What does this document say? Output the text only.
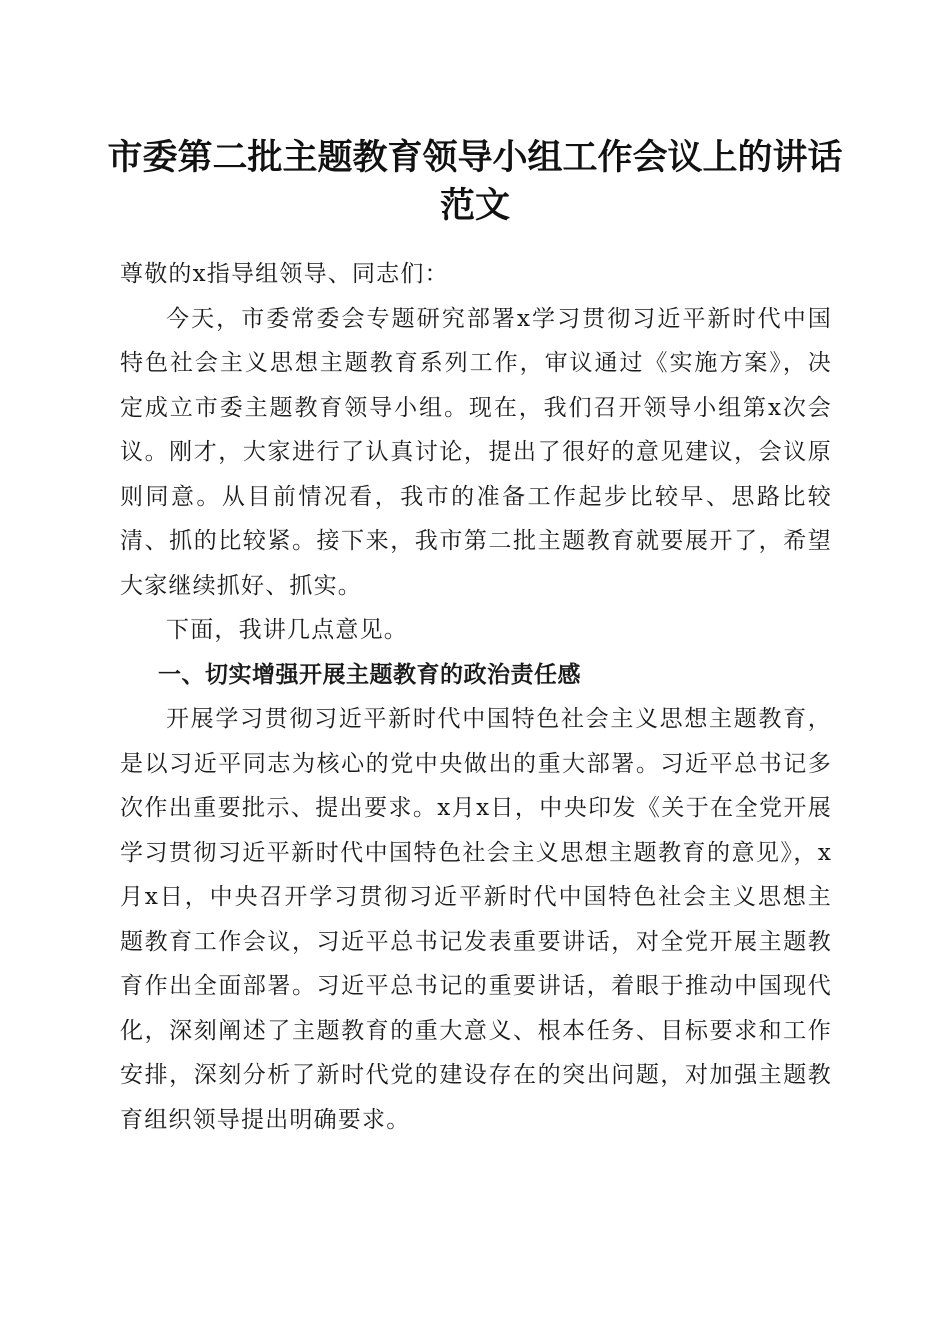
市委第二批主题教育领导小组工作会议上的讲话范文

尊敬的x指导组领导、同志们：

今天，市委常委会专题研究部署x学习贯彻习近平新时代中国特色社会主义思想主题教育系列工作，审议通过《实施方案》，决定成立市委主题教育领导小组。现在，我们召开领导小组第x次会议。刚才，大家进行了认真讨论，提出了很好的意见建议，会议原则同意。从目前情况看，我市的准备工作起步比较早、思路比较清、抓的比较紧。接下来，我市第二批主题教育就要展开了，希望大家继续抓好、抓实。

下面，我讲几点意见。

一、切实增强开展主题教育的政治责任感

开展学习贯彻习近平新时代中国特色社会主义思想主题教育，是以习近平同志为核心的党中央做出的重大部署。习近平总书记多次作出重要批示、提出要求。x月x日，中央印发《关于在全党开展学习贯彻习近平新时代中国特色社会主义思想主题教育的意见》，x月x日，中央召开学习贯彻习近平新时代中国特色社会主义思想主题教育工作会议，习近平总书记发表重要讲话，对全党开展主题教育作出全面部署。习近平总书记的重要讲话，着眼于推动中国现代化，深刻阐述了主题教育的重大意义、根本任务、目标要求和工作安排，深刻分析了新时代党的建设存在的突出问题，对加强主题教育组织领导提出明确要求。
